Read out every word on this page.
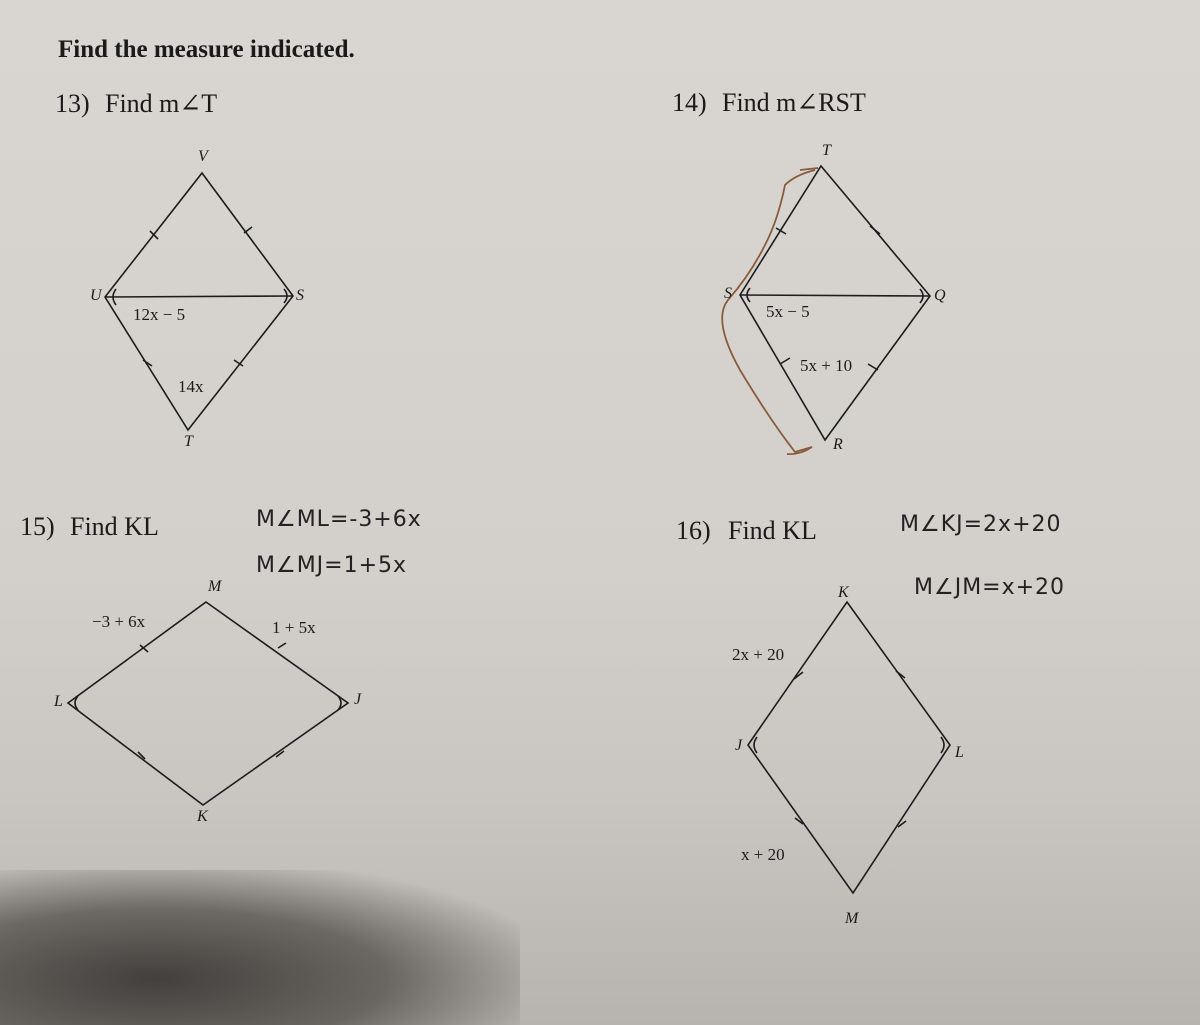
Find the measure indicated.
13) Find m∠T	14) Find m∠RST
15) Find KL	16) Find KL
V
U	S
T
12x − 5
14x
T
S	Q
R
5x − 5
5x + 10
M
L	J
K
−3 + 6x	1 + 5x
M∠ML=-3+6x
M∠MJ=1+5x
K
J	L
M
2x + 20
x + 20
M∠KJ=2x+20
M∠JM=x+20
